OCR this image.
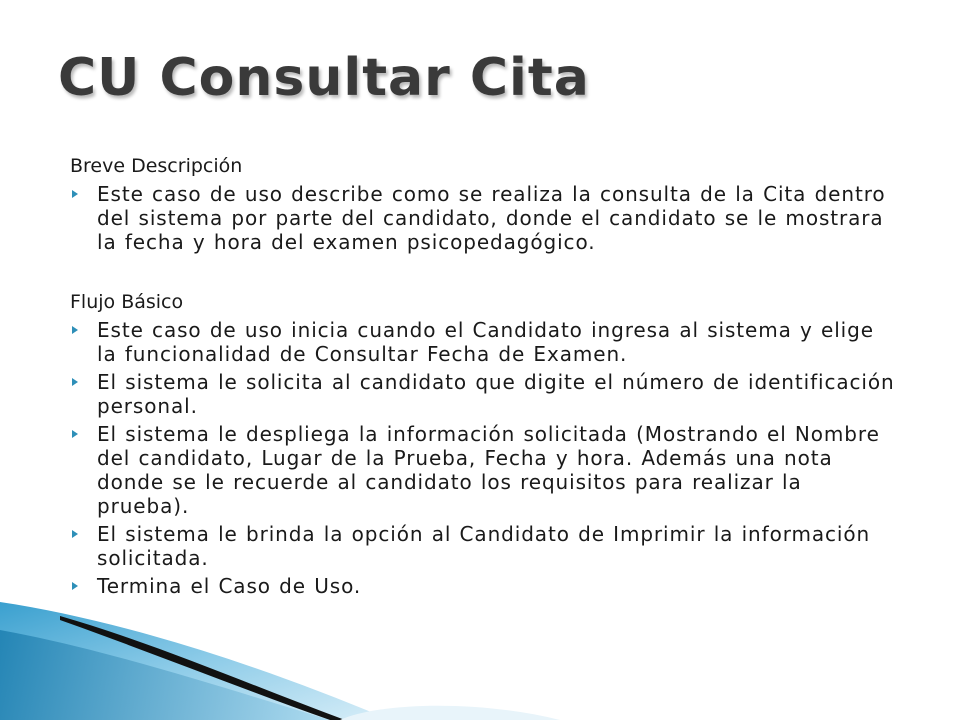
CU Consultar Cita
Breve Descripción
Este caso de uso describe como se realiza la consulta de la Cita dentro del sistema por parte del candidato, donde el candidato se le mostrara la fecha y hora del examen psicopedagógico.
Flujo Básico
Este caso de uso inicia cuando el Candidato ingresa al sistema y elige la funcionalidad de Consultar Fecha de Examen.
El sistema le solicita al candidato que digite el número de identificación personal.
El sistema le despliega la información solicitada (Mostrando el Nombre del candidato, Lugar de la Prueba, Fecha y hora. Además una nota donde se le recuerde al candidato los requisitos para realizar la prueba).
El sistema le brinda la opción al Candidato de Imprimir la información solicitada.
Termina el Caso de Uso.
